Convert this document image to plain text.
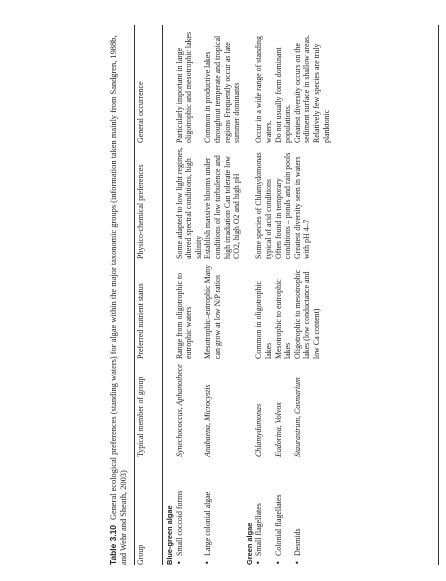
Table 3.10 General ecological preferences (standing waters) for algae within the major taxonomic groups (information taken mainly from Sandgren, 1988b, and Wehr and Sheath, 2003) Group	Typical member of group	Preferred nutrient status	Physico-chemical preferences	General occurrence
Blue-green algae				
•Small coccoid forms	Synechococcus, Aphanothece	Range from oligotrophic to eutrophic waters	Some adapted to low light regimes, altered spectral conditions, high salinity	Particularly important in large oligotrophic and mesotrophic lakes
•Large colonial algae	Anabaena, Microcystis	Mesotrophic–eutrophic Many can grow at low N/P ratios	Establish massive blooms under conditions of low turbulence and high irradiation Can tolerate low CO2, high O2 and high pH	Common in productive lakes throughout temperate and tropical regions Frequently occur as late summer dominants
Green algae				
•Small flagellates	Chlamydomonas	Common in oligotrophic lakes	Some species of Chlamydomonas typical of acid conditions	Occur in a wide range of standing waters.
•Colonial flagellates	Eudorina, Volvox	Mesotrophic to eutrophic lakes	Often found in temporary conditions – ponds and rain pools	Do not usually form dominant populations.
•Desmids	Staurastrum, Cosmarium	Oligotrophic to mesotrophic lakes (low conductance and low Ca content)	Greatest diversity seen in waters with pH 4–7	Greatest diversity occurs on the sediment surface in shallow areas. Relatively few species are truly planktonic
